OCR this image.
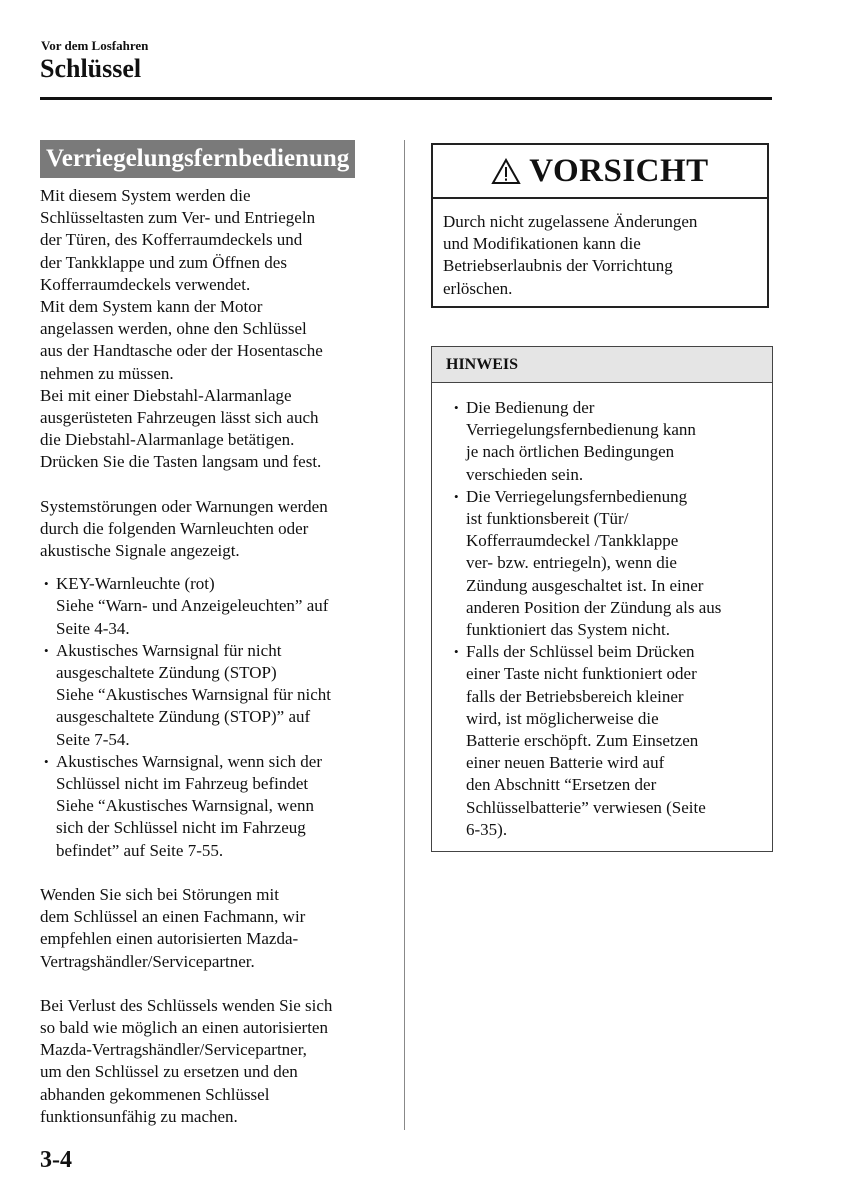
Vor dem Losfahren
Schlüssel
Verriegelungsfernbedienung
Mit diesem System werden die
Schlüsseltasten zum Ver- und Entriegeln
der Türen, des Kofferraumdeckels und
der Tankklappe und zum Öffnen des
Kofferraumdeckels verwendet.
Mit dem System kann der Motor
angelassen werden, ohne den Schlüssel
aus der Handtasche oder der Hosentasche
nehmen zu müssen.
Bei mit einer Diebstahl-Alarmanlage
ausgerüsteten Fahrzeugen lässt sich auch
die Diebstahl-Alarmanlage betätigen.
Drücken Sie die Tasten langsam und fest.
Systemstörungen oder Warnungen werden
durch die folgenden Warnleuchten oder
akustische Signale angezeigt.
• KEY-Warnleuchte (rot)
Siehe “Warn- und Anzeigeleuchten” auf
Seite 4-34.
• Akustisches Warnsignal für nicht
ausgeschaltete Zündung (STOP)
Siehe “Akustisches Warnsignal für nicht
ausgeschaltete Zündung (STOP)” auf
Seite 7-54.
• Akustisches Warnsignal, wenn sich der
Schlüssel nicht im Fahrzeug befindet
Siehe “Akustisches Warnsignal, wenn
sich der Schlüssel nicht im Fahrzeug
befindet” auf Seite 7-55.
Wenden Sie sich bei Störungen mit
dem Schlüssel an einen Fachmann, wir
empfehlen einen autorisierten Mazda-
Vertragshändler/Servicepartner.
Bei Verlust des Schlüssels wenden Sie sich
so bald wie möglich an einen autorisierten
Mazda-Vertragshändler/Servicepartner,
um den Schlüssel zu ersetzen und den
abhanden gekommenen Schlüssel
funktionsunfähig zu machen.
VORSICHT
Durch nicht zugelassene Änderungen
und Modifikationen kann die
Betriebserlaubnis der Vorrichtung
erlöschen.
HINWEIS
• Die Bedienung der
Verriegelungsfernbedienung kann
je nach örtlichen Bedingungen
verschieden sein.
• Die Verriegelungsfernbedienung
ist funktionsbereit (Tür/
Kofferraumdeckel /Tankklappe
ver- bzw. entriegeln), wenn die
Zündung ausgeschaltet ist. In einer
anderen Position der Zündung als aus
funktioniert das System nicht.
• Falls der Schlüssel beim Drücken
einer Taste nicht funktioniert oder
falls der Betriebsbereich kleiner
wird, ist möglicherweise die
Batterie erschöpft. Zum Einsetzen
einer neuen Batterie wird auf
den Abschnitt “Ersetzen der
Schlüsselbatterie” verwiesen (Seite
6-35).
3-4
